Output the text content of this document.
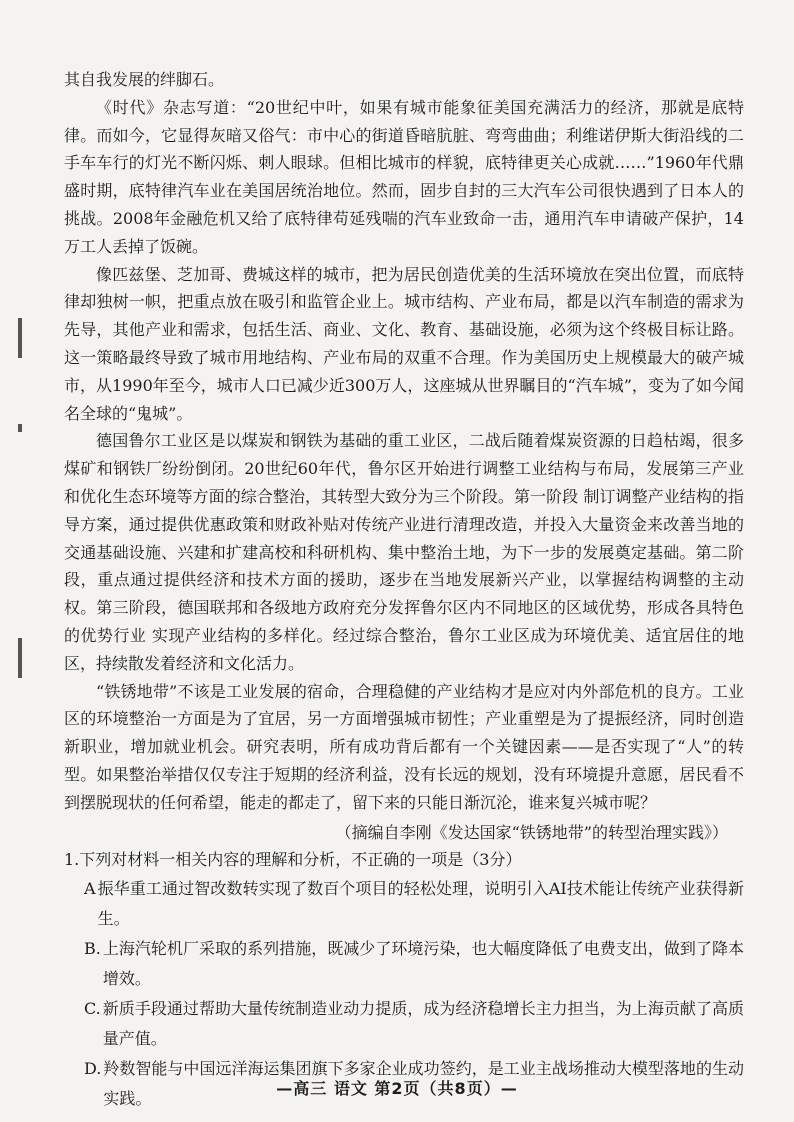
其自我发展的绊脚石。

《时代》杂志写道：“20世纪中叶，如果有城市能象征美国充满活力的经济，那就是底特律。而如今，它显得灰暗又俗气：市中心的街道昏暗肮脏、弯弯曲曲；利维诺伊斯大街沿线的二手车车行的灯光不断闪烁、刺人眼球。但相比城市的样貌，底特律更关心成就……”1960年代鼎盛时期，底特律汽车业在美国居统治地位。然而，固步自封的三大汽车公司很快遇到了日本人的挑战。2008年金融危机又给了底特律苟延残喘的汽车业致命一击，通用汽车申请破产保护，14万工人丢掉了饭碗。

像匹兹堡、芝加哥、费城这样的城市，把为居民创造优美的生活环境放在突出位置，而底特律却独树一帜，把重点放在吸引和监管企业上。城市结构、产业布局，都是以汽车制造的需求为先导，其他产业和需求，包括生活、商业、文化、教育、基础设施，必须为这个终极目标让路。这一策略最终导致了城市用地结构、产业布局的双重不合理。作为美国历史上规模最大的破产城市，从1990年至今，城市人口已减少近300万人，这座城从世界瞩目的“汽车城”，变为了如今闻名全球的“鬼城”。

德国鲁尔工业区是以煤炭和钢铁为基础的重工业区，二战后随着煤炭资源的日趋枯竭，很多煤矿和钢铁厂纷纷倒闭。20世纪60年代，鲁尔区开始进行调整工业结构与布局，发展第三产业和优化生态环境等方面的综合整治，其转型大致分为三个阶段。第一阶段 制订调整产业结构的指导方案，通过提供优惠政策和财政补贴对传统产业进行清理改造，并投入大量资金来改善当地的交通基础设施、兴建和扩建高校和科研机构、集中整治土地，为下一步的发展奠定基础。第二阶段，重点通过提供经济和技术方面的援助，逐步在当地发展新兴产业，以掌握结构调整的主动权。第三阶段，德国联邦和各级地方政府充分发挥鲁尔区内不同地区的区域优势，形成各具特色的优势行业 实现产业结构的多样化。经过综合整治，鲁尔工业区成为环境优美、适宜居住的地区，持续散发着经济和文化活力。

“铁锈地带”不该是工业发展的宿命，合理稳健的产业结构才是应对内外部危机的良方。工业区的环境整治一方面是为了宜居，另一方面增强城市韧性；产业重塑是为了提振经济，同时创造新职业，增加就业机会。研究表明，所有成功背后都有一个关键因素——是否实现了“人”的转型。如果整治举措仅仅专注于短期的经济利益，没有长远的规划，没有环境提升意愿，居民看不到摆脱现状的任何希望，能走的都走了，留下来的只能日渐沉沦，谁来复兴城市呢？

（摘编自李刚《发达国家“铁锈地带”的转型治理实践》）
1.下列对材料一相关内容的理解和分析，不正确的一项是（3分）
A 振华重工通过智改数转实现了数百个项目的轻松处理，说明引入AI技术能让传统产业获得新生。
B. 上海汽轮机厂采取的系列措施，既减少了环境污染，也大幅度降低了电费支出，做到了降本增效。
C. 新质手段通过帮助大量传统制造业动力提质，成为经济稳增长主力担当，为上海贡献了高质量产值。
D. 羚数智能与中国远洋海运集团旗下多家企业成功签约，是工业主战场推动大模型落地的生动实践。
—高三 语文 第2页（共8页）—
